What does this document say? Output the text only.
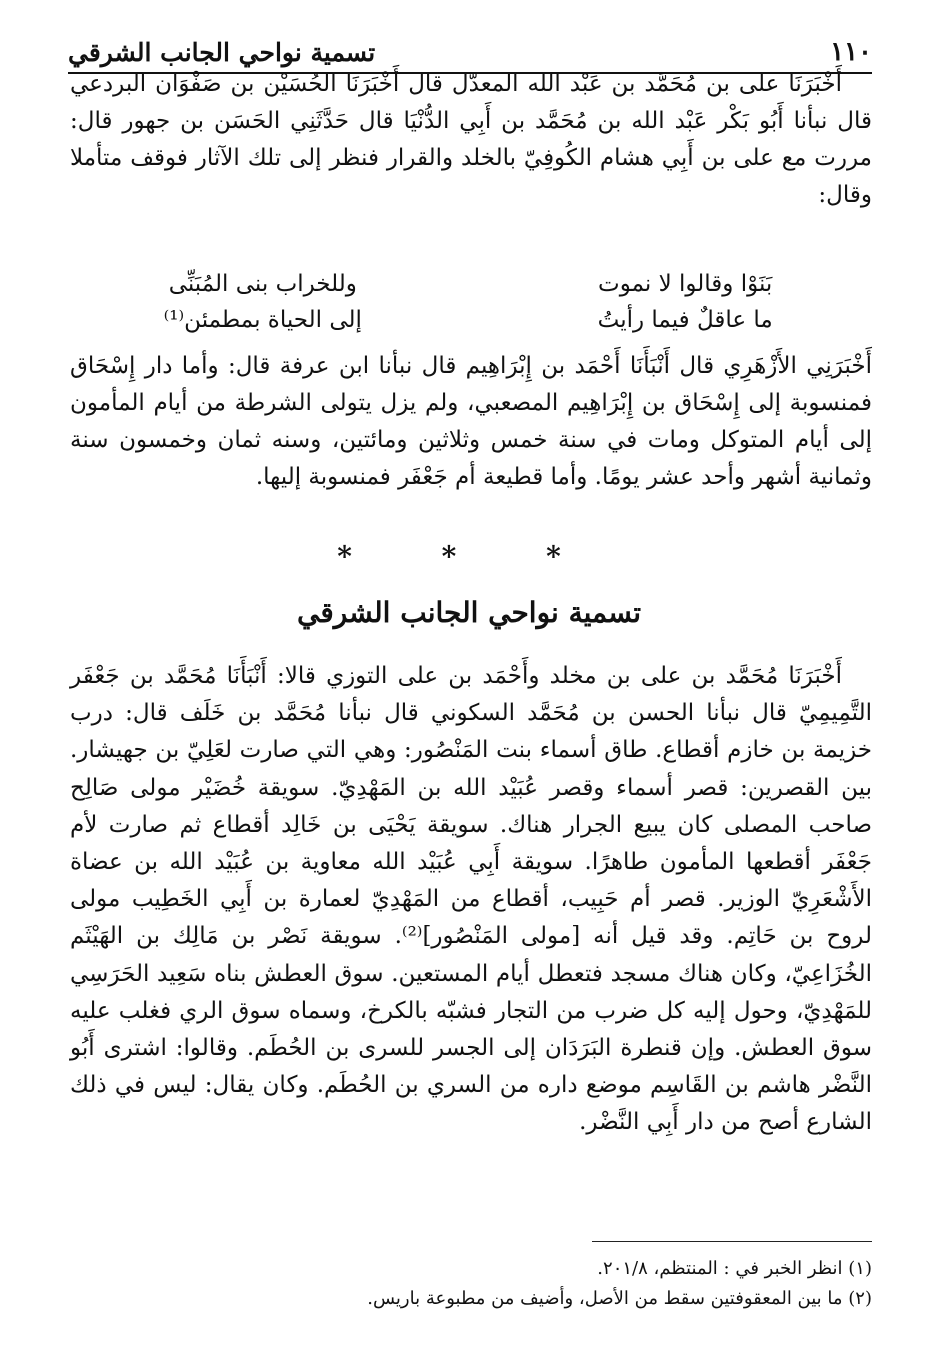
١١٠
تسمية نواحي الجانب الشرقي

أَخْبَرَنَا على بن مُحَمَّد بن عَبْد الله المعدّل قال أَخْبَرَنَا الحُسَيْن بن صَفْوَان البردعي قال نبأنا أَبُو بَكْر عَبْد الله بن مُحَمَّد بن أَبِي الدُّنْيَا قال حَدَّثَنِي الحَسَن بن جهور قال: مررت مع على بن أَبِي هشام الكُوفِيّ بالخلد والقرار فنظر إلى تلك الآثار فوقف متأملا وقال:

بَنَوْا وقالوا لا نموت
وللخراب بنى المُبَنِّى
ما عاقلٌ فيما رأيتُ
إلى الحياة بمطمئن⁽¹⁾

أَخْبَرَنِي الأَزْهَرِي قال أَنْبَأَنَا أَحْمَد بن إِبْرَاهِيم قال نبأنا ابن عرفة قال: وأما دار إِسْحَاق فمنسوبة إلى إِسْحَاق بن إِبْرَاهِيم المصعبي، ولم يزل يتولى الشرطة من أيام المأمون إلى أيام المتوكل ومات في سنة خمس وثلاثين ومائتين، وسنه ثمان وخمسون سنة وثمانية أشهر وأحد عشر يومًا. وأما قطيعة أم جَعْفَر فمنسوبة إليها.

* * *
تسمية نواحي الجانب الشرقي

أَخْبَرَنَا مُحَمَّد بن على بن مخلد وأَحْمَد بن على التوزي قالا: أَنْبَأَنَا مُحَمَّد بن جَعْفَر التَّمِيمِيّ قال نبأنا الحسن بن مُحَمَّد السكوني قال نبأنا مُحَمَّد بن خَلَف قال: درب خزيمة بن خازم أقطاع. طاق أسماء بنت المَنْصُور: وهي التي صارت لعَلِيّ بن جهيشار. بين القصرين: قصر أسماء وقصر عُبَيْد الله بن المَهْدِيّ. سويقة خُضَيْر مولى صَالِح صاحب المصلى كان يبيع الجرار هناك. سويقة يَحْيَى بن خَالِد أقطاع ثم صارت لأم جَعْفَر أقطعها المأمون طاهرًا. سويقة أَبِي عُبَيْد الله معاوية بن عُبَيْد الله بن عضاة الأَشْعَرِيّ الوزير. قصر أم حَبِيب، أقطاع من المَهْدِيّ لعمارة بن أَبِي الخَطِيب مولى لروح بن حَاتِم. وقد قيل أنه [مولى المَنْصُور]⁽²⁾. سويقة نَصْر بن مَالِك بن الهَيْثَم الخُزَاعِيّ، وكان هناك مسجد فتعطل أيام المستعين. سوق العطش بناه سَعِيد الحَرَسِي للمَهْدِيّ، وحول إليه كل ضرب من التجار فشبّه بالكرخ، وسماه سوق الري فغلب عليه سوق العطش. وإن قنطرة البَرَدَان إلى الجسر للسرى بن الحُطَم. وقالوا: اشترى أَبُو النَّضْر هاشم بن القَاسِم موضع داره من السري بن الحُطَم. وكان يقال: ليس في ذلك الشارع أصح من دار أَبِي النَّضْر.

(١) انظر الخبر في : المنتظم، ٢٠١/٨.
(٢) ما بين المعقوفتين سقط من الأصل، وأضيف من مطبوعة باريس.
